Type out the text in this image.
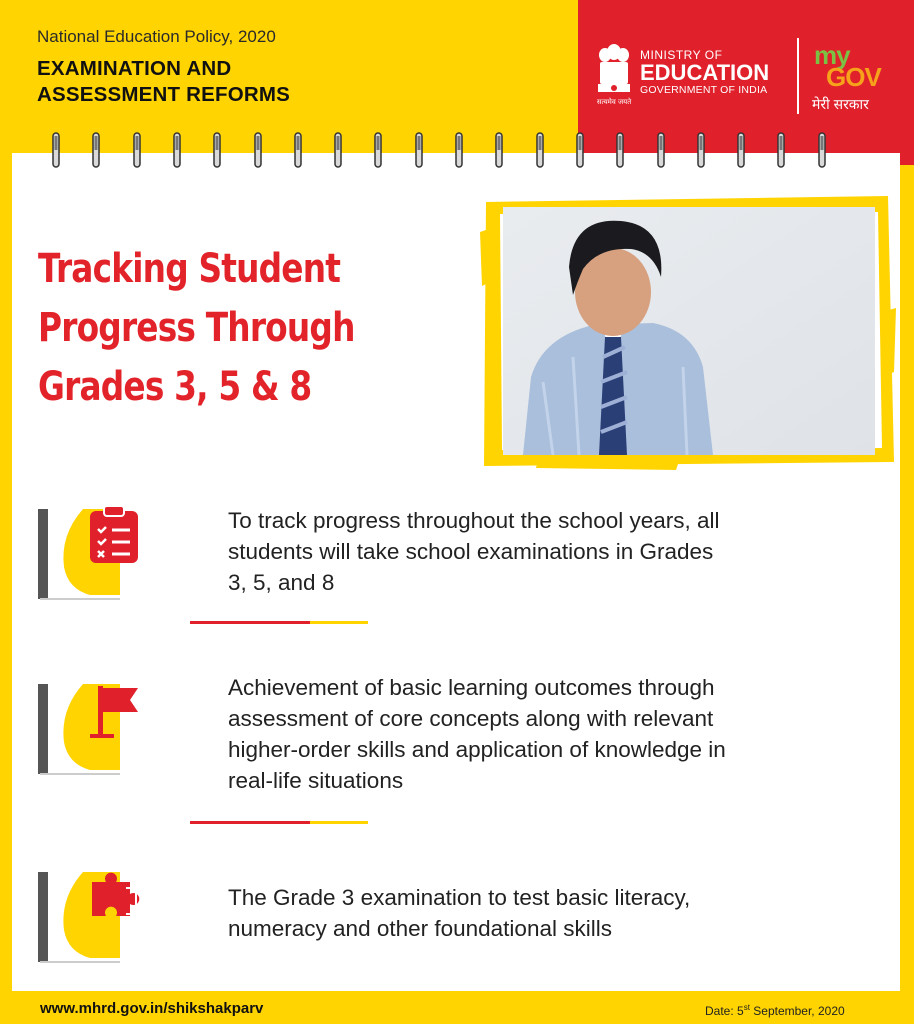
National Education Policy, 2020
EXAMINATION AND
ASSESSMENT REFORMS	सत्यमेव जयते
MINISTRY OF
EDUCATION
GOVERNMENT OF INDIA
my
GOV
मेरी सरकार
Tracking Student
Progress Through
Grades 3, 5 & 8
To track progress throughout the school years, all
students will take school examinations in Grades
3, 5, and 8
Achievement of basic learning outcomes through
assessment of core concepts along with relevant
higher-order skills and application of knowledge in
real-life situations
The Grade 3 examination to test basic literacy,
numeracy and other foundational skills
www.mhrd.gov.in/shikshakparv	Date: 5st September, 2020
